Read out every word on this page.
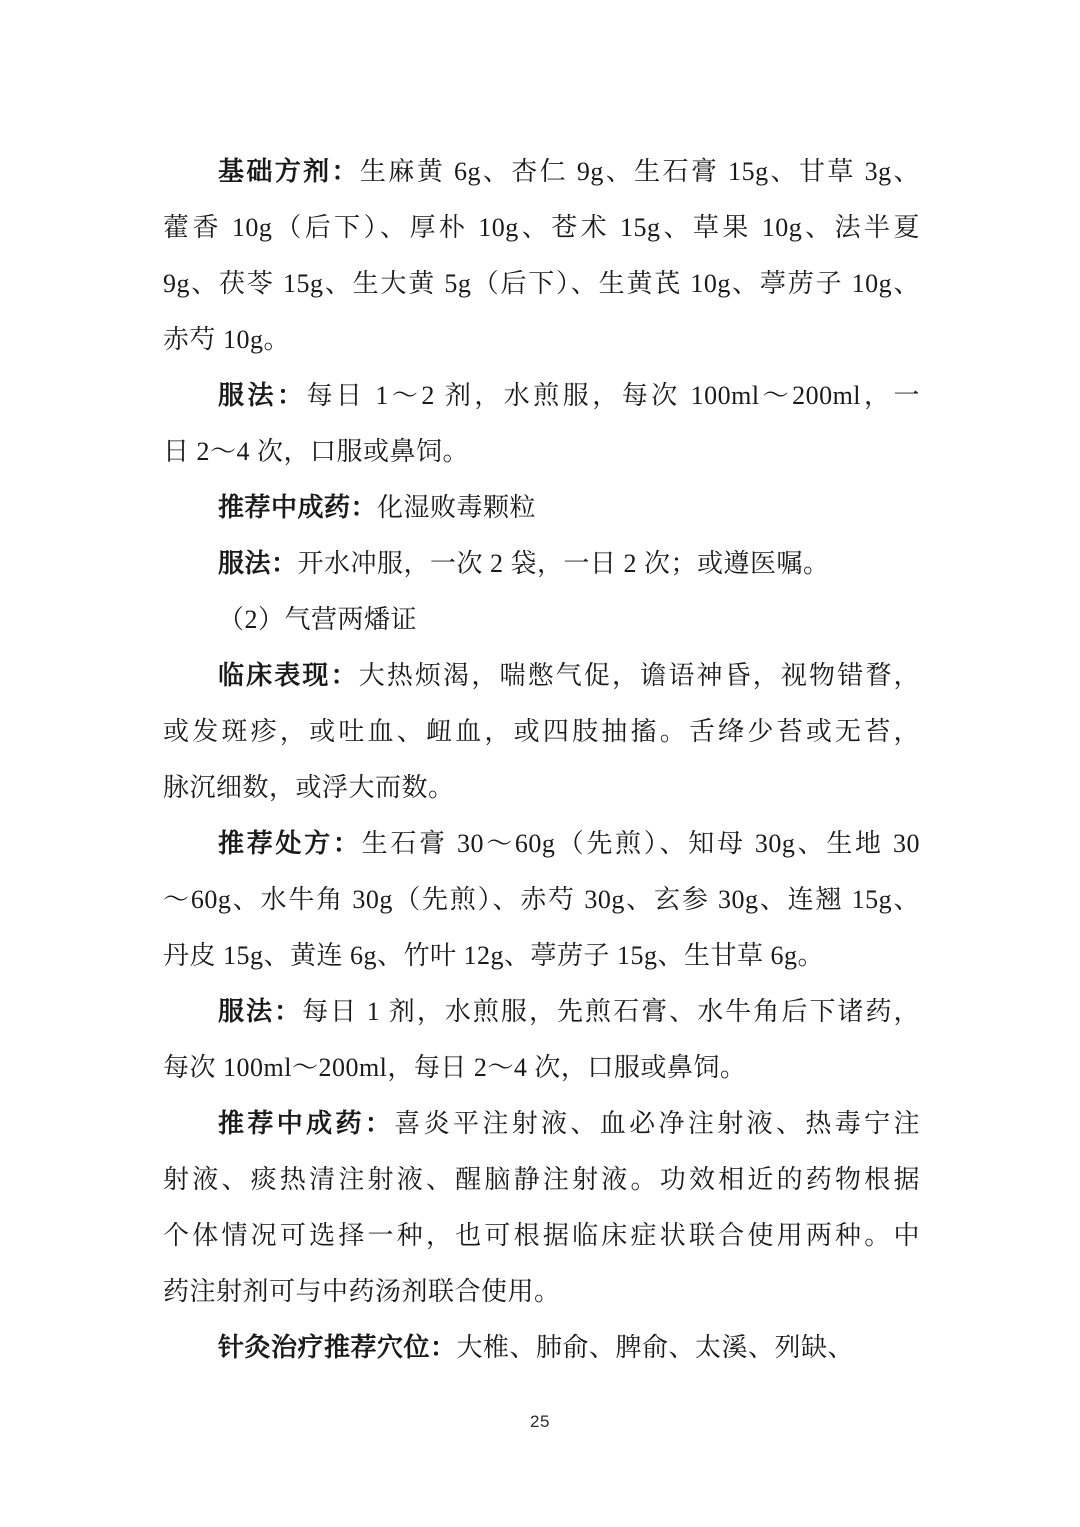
基础方剂：生麻黄 6g、杏仁 9g、生石膏 15g、甘草 3g、
藿香 10g（后下）、厚朴 10g、苍术 15g、草果 10g、法半夏
9g、茯苓 15g、生大黄 5g（后下）、生黄芪 10g、葶苈子 10g、
赤芍 10g。
服法：每日 1～2 剂，水煎服，每次 100ml～200ml，一
日 2～4 次，口服或鼻饲。
推荐中成药：化湿败毒颗粒
服法：开水冲服，一次 2 袋，一日 2 次；或遵医嘱。
（2）气营两燔证
临床表现：大热烦渴，喘憋气促，谵语神昏，视物错瞀，
或发斑疹，或吐血、衄血，或四肢抽搐。舌绛少苔或无苔，
脉沉细数，或浮大而数。
推荐处方：生石膏 30～60g（先煎）、知母 30g、生地 30
～60g、水牛角 30g（先煎）、赤芍 30g、玄参 30g、连翘 15g、
丹皮 15g、黄连 6g、竹叶 12g、葶苈子 15g、生甘草 6g。
服法：每日 1 剂，水煎服，先煎石膏、水牛角后下诸药，
每次 100ml～200ml，每日 2～4 次，口服或鼻饲。
推荐中成药：喜炎平注射液、血必净注射液、热毒宁注
射液、痰热清注射液、醒脑静注射液。功效相近的药物根据
个体情况可选择一种，也可根据临床症状联合使用两种。中
药注射剂可与中药汤剂联合使用。
针灸治疗推荐穴位：大椎、肺俞、脾俞、太溪、列缺、
25
